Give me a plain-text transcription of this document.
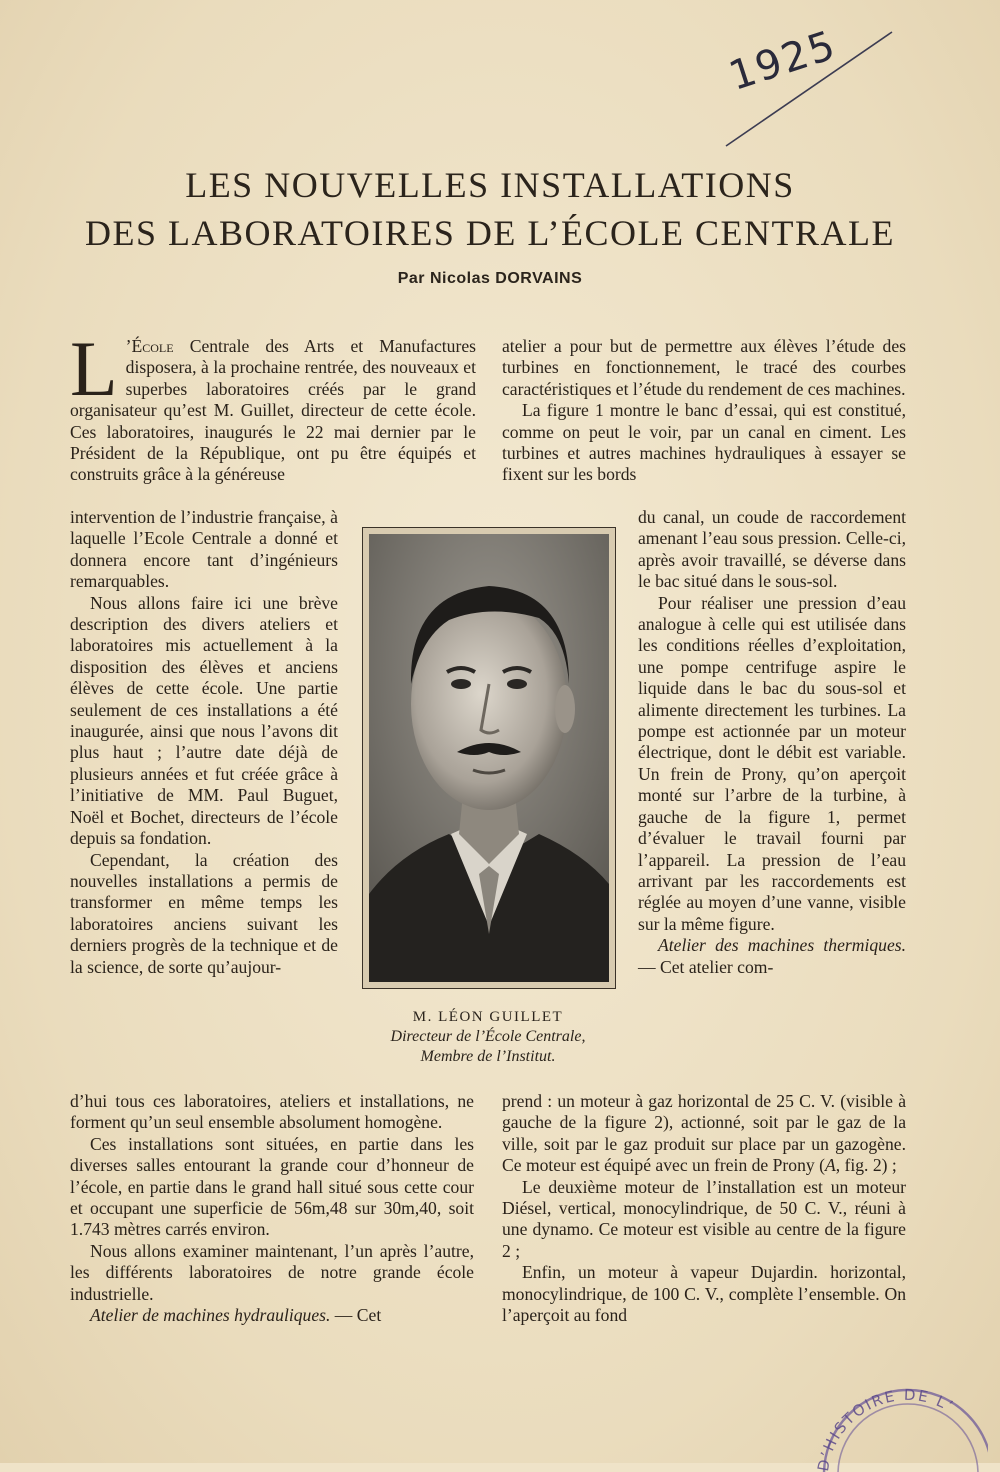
1925
LES NOUVELLES INSTALLATIONS
DES LABORATOIRES DE L’ÉCOLE CENTRALE
Par Nicolas DORVAINS

L ’École Centrale des Arts et Manufactures disposera, à la prochaine rentrée, des nouveaux et superbes laboratoires créés par le grand organisateur qu’est M. Guillet, directeur de cette école. Ces laboratoires, inaugurés le 22 mai dernier par le Président de la République, ont pu être équipés et construits grâce à la généreuse

intervention de l’industrie française, à laquelle l’Ecole Centrale a donné et donnera encore tant d’ingénieurs remarquables.

Nous allons faire ici une brève description des divers ateliers et laboratoires mis actuellement à la disposition des élèves et anciens élèves de cette école. Une partie seulement de ces installations a été inaugurée, ainsi que nous l’avons dit plus haut ; l’autre date déjà de plusieurs années et fut créée grâce à l’initiative de MM. Paul Buguet, Noël et Bochet, directeurs de l’école depuis sa fondation.

Cependant, la création des nouvelles installations a permis de transformer en même temps les laboratoires anciens suivant les derniers progrès de la technique et de la science, de sorte qu’aujour-

d’hui tous ces laboratoires, ateliers et installations, ne forment qu’un seul ensemble absolument homogène.

Ces installations sont situées, en partie dans les diverses salles entourant la grande cour d’honneur de l’école, en partie dans le grand hall situé sous cette cour et occupant une superficie de 56m,48 sur 30m,40, soit 1.743 mètres carrés environ.

Nous allons examiner maintenant, l’un après l’autre, les différents laboratoires de notre grande école industrielle.

Atelier de machines hydrauliques. — Cet

M. LÉON GUILLET
Directeur de l’École Centrale,
Membre de l’Institut.

atelier a pour but de permettre aux élèves l’étude des turbines en fonctionnement, le tracé des courbes caractéristiques et l’étude du rendement de ces machines.

La figure 1 montre le banc d’essai, qui est constitué, comme on peut le voir, par un canal en ciment. Les turbines et autres machines hydrauliques à essayer se fixent sur les bords

du canal, un coude de raccordement amenant l’eau sous pression. Celle-ci, après avoir travaillé, se déverse dans le bac situé dans le sous-sol.

Pour réaliser une pression d’eau analogue à celle qui est utilisée dans les conditions réelles d’exploitation, une pompe centrifuge aspire le liquide dans le bac du sous-sol et alimente directement les turbines. La pompe est actionnée par un moteur électrique, dont le débit est variable. Un frein de Prony, qu’on aperçoit monté sur l’arbre de la turbine, à gauche de la figure 1, permet d’évaluer le travail fourni par l’appareil. La pression de l’eau arrivant par les raccordements est réglée au moyen d’une vanne, visible sur la même figure.

Atelier des machines thermiques. — Cet atelier com-

prend : un moteur à gaz horizontal de 25 C. V. (visible à gauche de la figure 2), actionné, soit par le gaz de la ville, soit par le gaz produit sur place par un gazogène. Ce moteur est équipé avec un frein de Prony (A, fig. 2) ;

Le deuxième moteur de l’installation est un moteur Diésel, vertical, monocylindrique, de 50 C. V., réuni à une dynamo. Ce moteur est visible au centre de la figure 2 ;

Enfin, un moteur à vapeur Dujardin. horizontal, monocylindrique, de 100 C. V., complète l’ensemble. On l’aperçoit au fond

D’HISTOIRE DE L’
